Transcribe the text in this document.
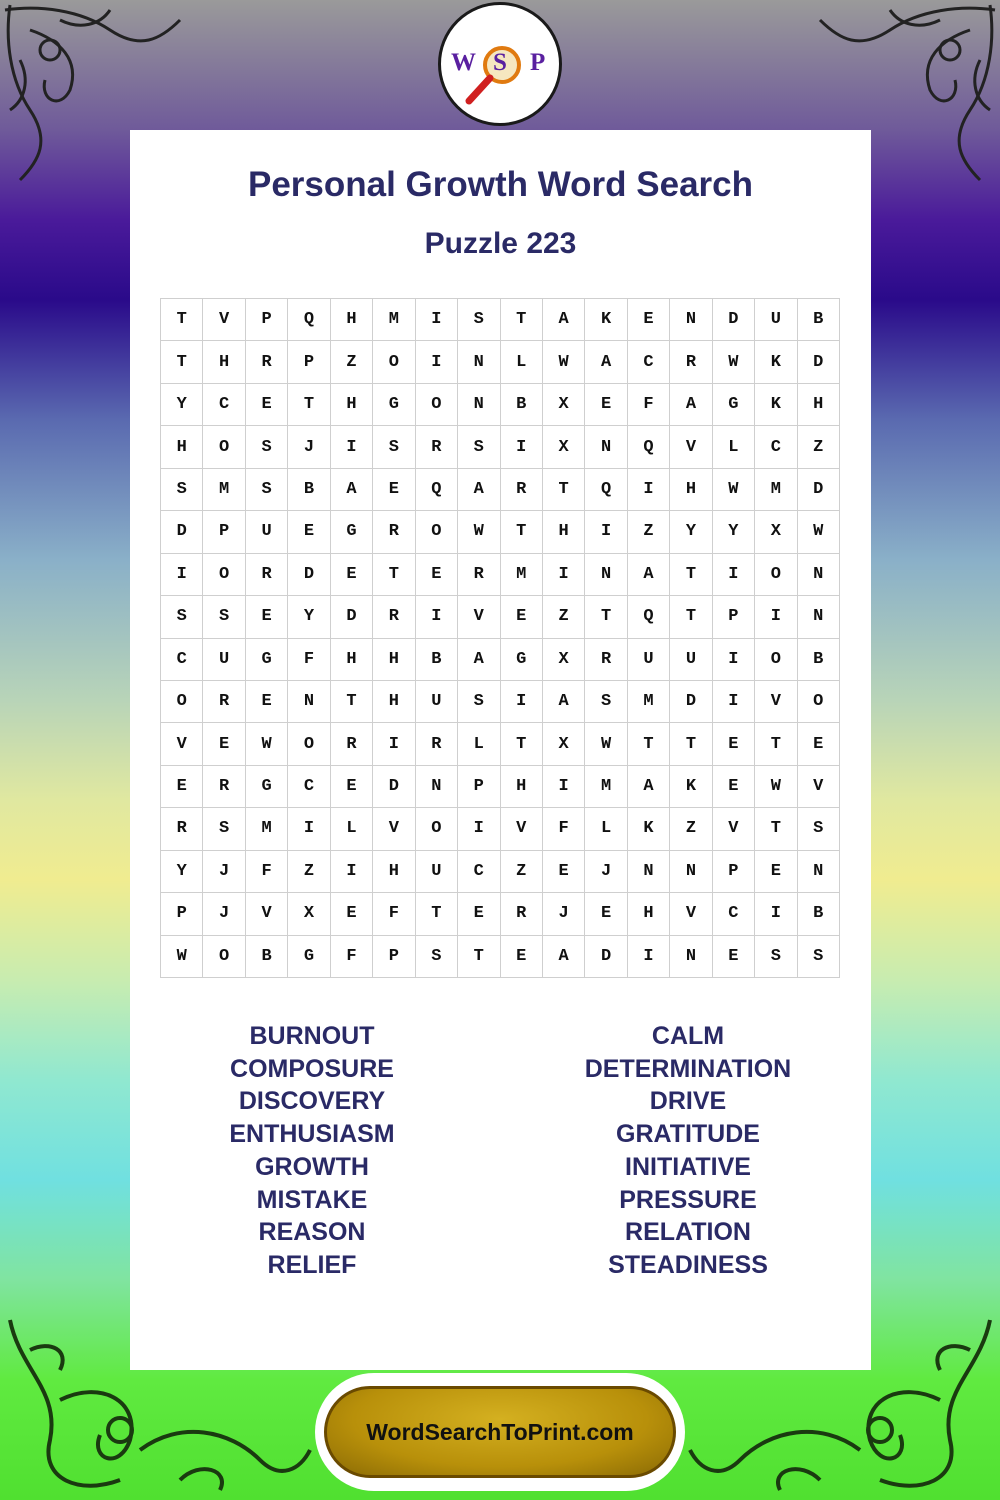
W S P
Personal Growth Word Search
Puzzle 223
T	V	P	Q	H	M	I	S	T	A	K	E	N	D	U	B
T	H	R	P	Z	O	I	N	L	W	A	C	R	W	K	D
Y	C	E	T	H	G	O	N	B	X	E	F	A	G	K	H
H	O	S	J	I	S	R	S	I	X	N	Q	V	L	C	Z
S	M	S	B	A	E	Q	A	R	T	Q	I	H	W	M	D
D	P	U	E	G	R	O	W	T	H	I	Z	Y	Y	X	W
I	O	R	D	E	T	E	R	M	I	N	A	T	I	O	N
S	S	E	Y	D	R	I	V	E	Z	T	Q	T	P	I	N
C	U	G	F	H	H	B	A	G	X	R	U	U	I	O	B
O	R	E	N	T	H	U	S	I	A	S	M	D	I	V	O
V	E	W	O	R	I	R	L	T	X	W	T	T	E	T	E
E	R	G	C	E	D	N	P	H	I	M	A	K	E	W	V
R	S	M	I	L	V	O	I	V	F	L	K	Z	V	T	S
Y	J	F	Z	I	H	U	C	Z	E	J	N	N	P	E	N
P	J	V	X	E	F	T	E	R	J	E	H	V	C	I	B
W	O	B	G	F	P	S	T	E	A	D	I	N	E	S	S
BURNOUT
COMPOSURE
DISCOVERY
ENTHUSIASM
GROWTH
MISTAKE
REASON
RELIEF
CALM
DETERMINATION
DRIVE
GRATITUDE
INITIATIVE
PRESSURE
RELATION
STEADINESS
WordSearchToPrint.com
